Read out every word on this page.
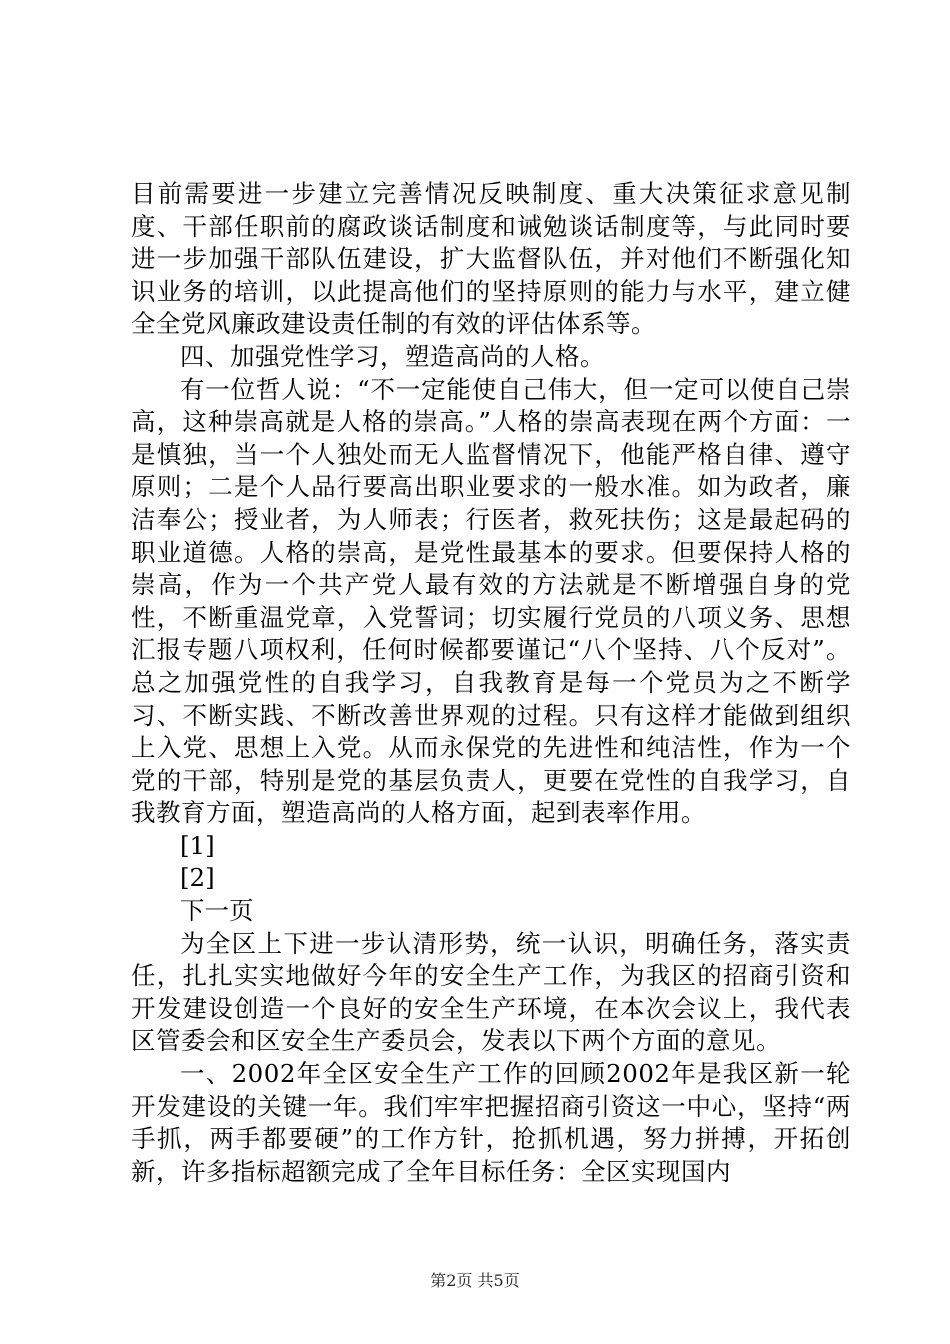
目前需要进一步建立完善情况反映制度、重大决策征求意见制度、干部任职前的腐政谈话制度和诫勉谈话制度等，与此同时要进一步加强干部队伍建设，扩大监督队伍，并对他们不断强化知识业务的培训，以此提高他们的坚持原则的能力与水平，建立健全全党风廉政建设责任制的有效的评估体系等。

四、加强党性学习，塑造高尚的人格。

有一位哲人说：“不一定能使自己伟大，但一定可以使自己崇高，这种崇高就是人格的崇高。”人格的崇高表现在两个方面：一是慎独，当一个人独处而无人监督情况下，他能严格自律、遵守原则；二是个人品行要高出职业要求的一般水准。如为政者，廉洁奉公；授业者，为人师表；行医者，救死扶伤；这是最起码的职业道德。人格的崇高，是党性最基本的要求。但要保持人格的崇高，作为一个共产党人最有效的方法就是不断增强自身的党性，不断重温党章，入党誓词；切实履行党员的八项义务、思想汇报专题八项权利，任何时候都要谨记“八个坚持、八个反对”。总之加强党性的自我学习，自我教育是每一个党员为之不断学习、不断实践、不断改善世界观的过程。只有这样才能做到组织上入党、思想上入党。从而永保党的先进性和纯洁性，作为一个党的干部，特别是党的基层负责人，更要在党性的自我学习，自我教育方面，塑造高尚的人格方面，起到表率作用。

[1]

[2]

下一页

为全区上下进一步认清形势，统一认识，明确任务，落实责任，扎扎实实地做好今年的安全生产工作，为我区的招商引资和开发建设创造一个良好的安全生产环境，在本次会议上，我代表区管委会和区安全生产委员会，发表以下两个方面的意见。

一、2002年全区安全生产工作的回顾2002年是我区新一轮开发建设的关键一年。我们牢牢把握招商引资这一中心，坚持“两手抓，两手都要硬”的工作方针，抢抓机遇，努力拼搏，开拓创新，许多指标超额完成了全年目标任务：全区实现国内

第2页 共5页
